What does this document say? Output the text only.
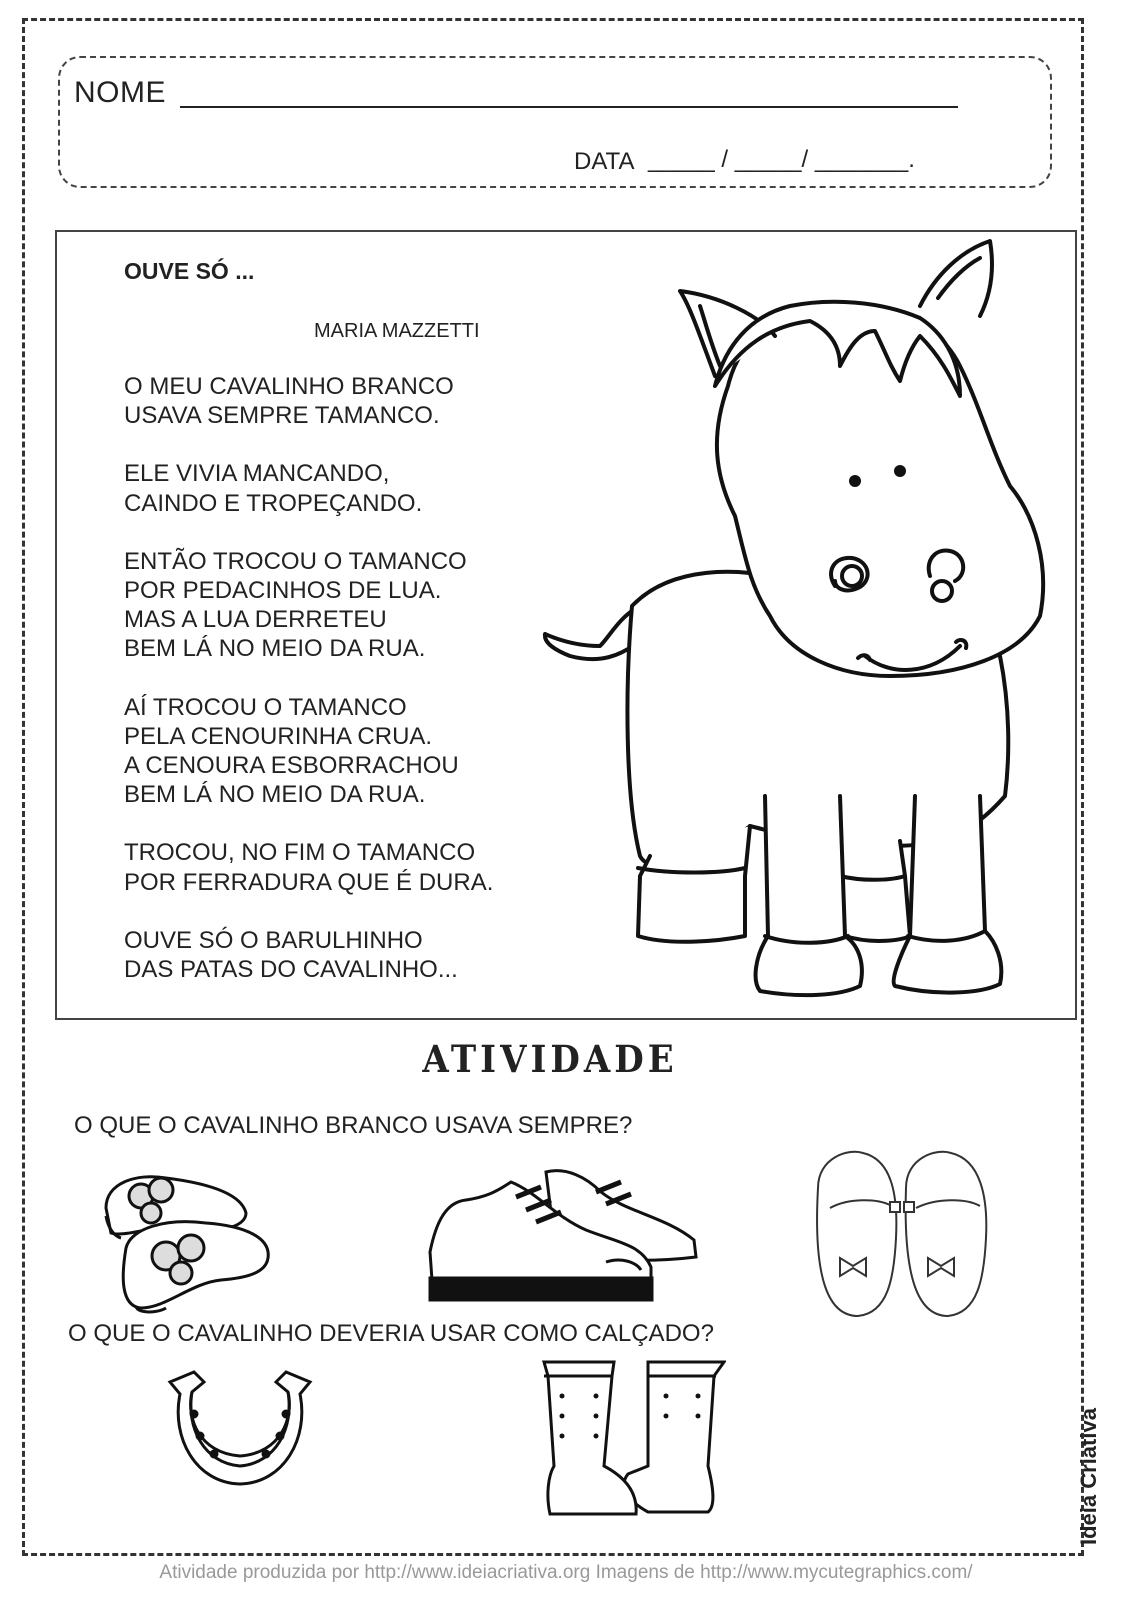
NOME
DATA _____ / _____/ _______.
OUVE SÓ ...
MARIA MAZZETTI
O MEU CAVALINHO BRANCO
USAVA SEMPRE TAMANCO.
ELE VIVIA MANCANDO,
CAINDO E TROPEÇANDO.
ENTÃO TROCOU O TAMANCO
POR PEDACINHOS DE LUA.
MAS A LUA DERRETEU
BEM LÁ NO MEIO DA RUA.
AÍ TROCOU O TAMANCO
PELA CENOURINHA CRUA.
A CENOURA ESBORRACHOU
BEM LÁ NO MEIO DA RUA.
TROCOU, NO FIM O TAMANCO
POR FERRADURA QUE É DURA.
OUVE SÓ O BARULHINHO
DAS PATAS DO CAVALINHO...
ATIVIDADE
O QUE O CAVALINHO BRANCO USAVA SEMPRE?
O QUE O CAVALINHO DEVERIA USAR COMO CALÇADO?
Ideia Criativa
Atividade produzida por http://www.ideiacriativa.org Imagens de http://www.mycutegraphics.com/
